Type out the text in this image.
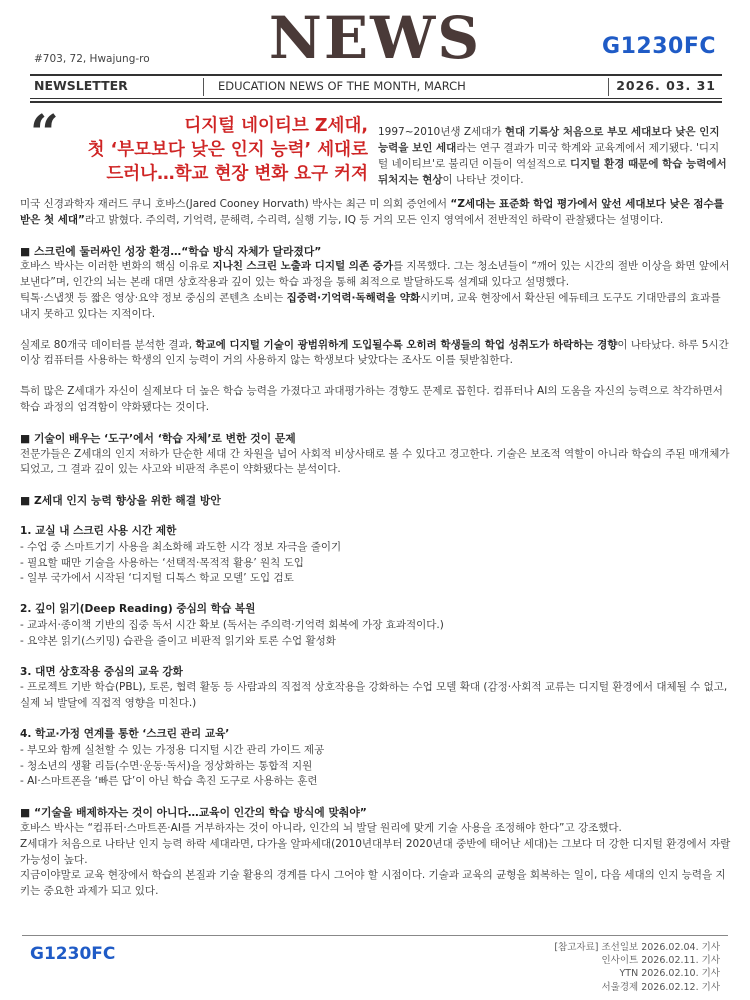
#703, 72, Hwajung-ro	NEWS	G1230FC
NEWSLETTER	EDUCATION NEWS OF THE MONTH, MARCH	2026. 03. 31
“	디지털 네이티브 Z세대,
첫 ‘부모보다 낮은 인지 능력’ 세대로
드러나…학교 현장 변화 요구 커져
1997~2010년생 Z세대가 현대 기록상 처음으로 부모 세대보다 낮은 인지 능력을 보인 세대라는 연구 결과가 미국 학계와 교육계에서 제기됐다. '디지털 네이티브'로 불리던 이들이 역설적으로 디지털 환경 때문에 학습 능력에서 뒤처지는 현상이 나타난 것이다.

미국 신경과학자 재러드 쿠니 호바스(Jared Cooney Horvath) 박사는 최근 미 의회 증언에서 “Z세대는 표준화 학업 평가에서 앞선 세대보다 낮은 점수를 받은 첫 세대”라고 밝혔다. 주의력, 기억력, 문해력, 수리력, 실행 기능, IQ 등 거의 모든 인지 영역에서 전반적인 하락이 관찰됐다는 설명이다.

■ 스크린에 둘러싸인 성장 환경…“학습 방식 자체가 달라졌다”

호바스 박사는 이러한 변화의 핵심 이유로 지나친 스크린 노출과 디지털 의존 증가를 지목했다. 그는 청소년들이 “깨어 있는 시간의 절반 이상을 화면 앞에서 보낸다”며, 인간의 뇌는 본래 대면 상호작용과 깊이 있는 학습 과정을 통해 최적으로 발달하도록 설계돼 있다고 설명했다.

틱톡·스냅챗 등 짧은 영상·요약 정보 중심의 콘텐츠 소비는 집중력·기억력·독해력을 약화시키며, 교육 현장에서 확산된 에듀테크 도구도 기대만큼의 효과를 내지 못하고 있다는 지적이다.

실제로 80개국 데이터를 분석한 결과, 학교에 디지털 기술이 광범위하게 도입될수록 오히려 학생들의 학업 성취도가 하락하는 경향이 나타났다. 하루 5시간 이상 컴퓨터를 사용하는 학생의 인지 능력이 거의 사용하지 않는 학생보다 낮았다는 조사도 이를 뒷받침한다.

특히 많은 Z세대가 자신이 실제보다 더 높은 학습 능력을 가졌다고 과대평가하는 경향도 문제로 꼽힌다. 컴퓨터나 AI의 도움을 자신의 능력으로 착각하면서 학습 과정의 엄격함이 약화됐다는 것이다.

■ 기술이 배우는 ‘도구’에서 ‘학습 자체’로 변한 것이 문제

전문가들은 Z세대의 인지 저하가 단순한 세대 간 차원을 넘어 사회적 비상사태로 볼 수 있다고 경고한다. 기술은 보조적 역할이 아니라 학습의 주된 매개체가 되었고, 그 결과 깊이 있는 사고와 비판적 추론이 약화됐다는 분석이다.

■ Z세대 인지 능력 향상을 위한 해결 방안
1. 교실 내 스크린 사용 시간 제한

- 수업 중 스마트기기 사용을 최소화해 과도한 시각 정보 자극을 줄이기

- 필요할 때만 기술을 사용하는 ‘선택적·목적적 활용’ 원칙 도입

- 일부 국가에서 시작된 ‘디지털 디톡스 학교 모델’ 도입 검토

2. 깊이 읽기(Deep Reading) 중심의 학습 복원

- 교과서·종이책 기반의 집중 독서 시간 확보 (독서는 주의력·기억력 회복에 가장 효과적이다.)

- 요약본 읽기(스키밍) 습관을 줄이고 비판적 읽기와 토론 수업 활성화

3. 대면 상호작용 중심의 교육 강화

- 프로젝트 기반 학습(PBL), 토론, 협력 활동 등 사람과의 직접적 상호작용을 강화하는 수업 모델 확대 (감정·사회적 교류는 디지털 환경에서 대체될 수 없고, 실제 뇌 발달에 직접적 영향을 미친다.)

4. 학교·가정 연계를 통한 ‘스크린 관리 교육’

- 부모와 함께 실천할 수 있는 가정용 디지털 시간 관리 가이드 제공

- 청소년의 생활 리듬(수면·운동·독서)을 정상화하는 통합적 지원

- AI·스마트폰을 ‘빠른 답’이 아닌 학습 촉진 도구로 사용하는 훈련

■ “기술을 배제하자는 것이 아니다…교육이 인간의 학습 방식에 맞춰야”

호바스 박사는 “컴퓨터·스마트폰·AI를 거부하자는 것이 아니라, 인간의 뇌 발달 원리에 맞게 기술 사용을 조정해야 한다”고 강조했다.

Z세대가 처음으로 나타난 인지 능력 하락 세대라면, 다가올 알파세대(2010년대부터 2020년대 중반에 태어난 세대)는 그보다 더 강한 디지털 환경에서 자랄 가능성이 높다.

지금이야말로 교육 현장에서 학습의 본질과 기술 활용의 경계를 다시 그어야 할 시점이다. 기술과 교육의 균형을 회복하는 일이, 다음 세대의 인지 능력을 지키는 중요한 과제가 되고 있다.

G1230FC	[참고자료] 조선일보 2026.02.04. 기사
인사이트 2026.02.11. 기사
YTN 2026.02.10. 기사
서울경제 2026.02.12. 기사
